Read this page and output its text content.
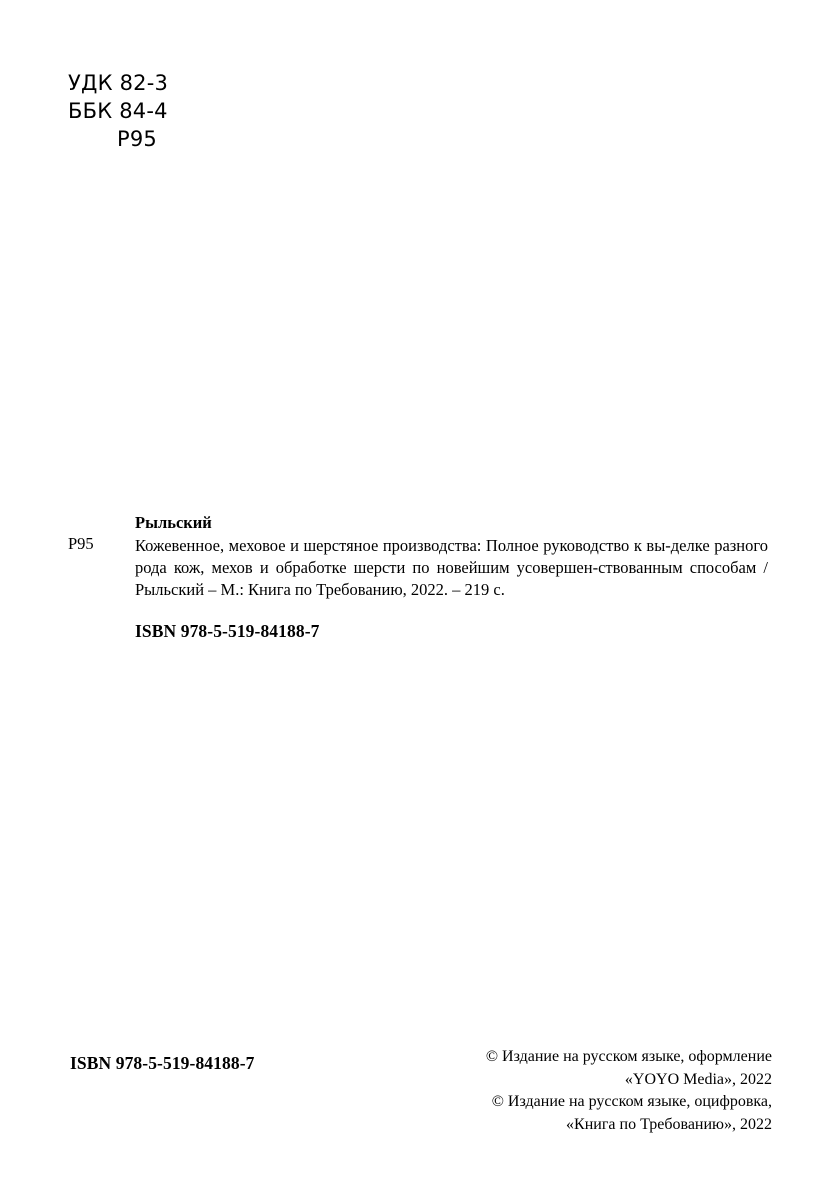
УДК 82-3
ББК 84-4
Р95
Р95
Рыльский
Кожевенное, меховое и шерстяное производства: Полное руководство к вы-делке разного рода кож, мехов и обработке шерсти по новейшим усовершен-ствованным способам / Рыльский – М.: Книга по Требованию, 2022. – 219 с.
ISBN 978-5-519-84188-7
ISBN 978-5-519-84188-7	© Издание на русском языке, оформление
«YOYO Media», 2022
© Издание на русском языке, оцифровка,
«Книга по Требованию», 2022
